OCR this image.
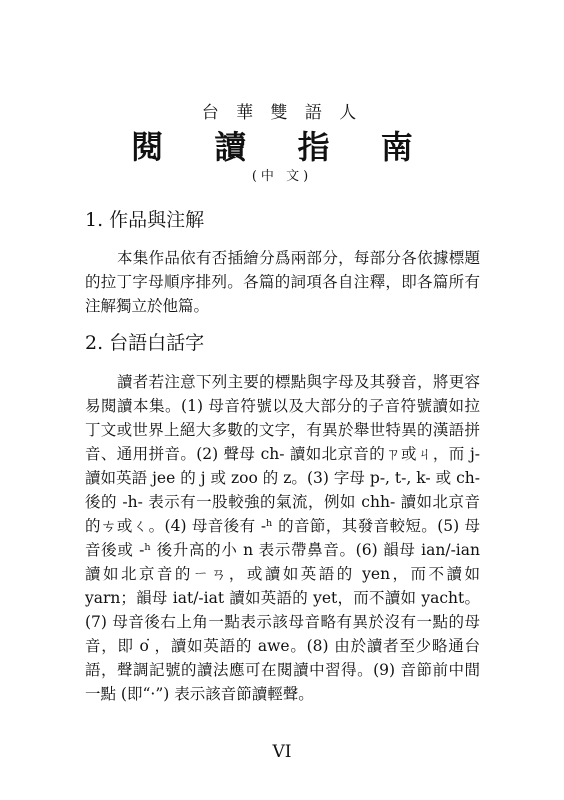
台 華 雙 語 人
閱 讀 指 南
(中 文)
1. 作品與注解

本集作品依有否插繪分爲兩部分，每部分各依據標題的拉丁字母順序排列。各篇的詞項各自注釋，即各篇所有注解獨立於他篇。

2. 台語白話字

讀者若注意下列主要的標點與字母及其發音，將更容易閱讀本集。(1) 母音符號以及大部分的子音符號讀如拉丁文或世界上絕大多數的文字，有異於舉世特異的漢語拼音、通用拼音。(2) 聲母 ch- 讀如北京音的ㄗ或ㄐ，而 j- 讀如英語 jee 的 j 或 zoo 的 z。(3) 字母 p-, t-, k- 或 ch- 後的 -h- 表示有一股較強的氣流，例如 chh- 讀如北京音的ㄘ或ㄑ。(4) 母音後有 -ʰ 的音節，其發音較短。(5) 母音後或 -ʰ 後升高的小 n 表示帶鼻音。(6) 韻母 ian/-ian 讀如北京音的ㄧㄢ，或讀如英語的 yen，而不讀如 yarn；韻母 iat/-iat 讀如英語的 yet，而不讀如 yacht。(7) 母音後右上角一點表示該母音略有異於沒有一點的母音，即 o͘ ，讀如英語的 awe。(8) 由於讀者至少略通台語，聲調記號的讀法應可在閱讀中習得。(9) 音節前中間一點 (即“·”) 表示該音節讀輕聲。

VI
